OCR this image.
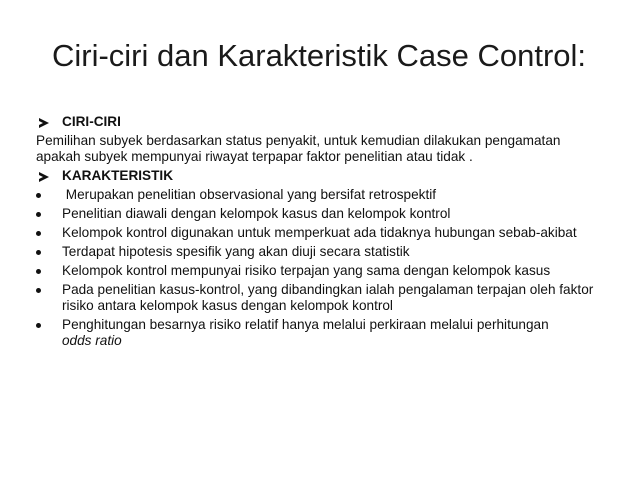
Ciri-ciri dan Karakteristik Case Control:
CIRI-CIRI
Pemilihan subyek berdasarkan status penyakit, untuk kemudian dilakukan pengamatan apakah subyek mempunyai riwayat terpapar faktor penelitian atau tidak .
KARAKTERISTIK
Merupakan penelitian observasional yang bersifat retrospektif
Penelitian diawali dengan kelompok kasus dan kelompok kontrol
Kelompok kontrol digunakan untuk memperkuat ada tidaknya hubungan sebab-akibat
Terdapat hipotesis spesifik yang akan diuji secara statistik
Kelompok kontrol mempunyai risiko terpajan yang sama dengan kelompok kasus
Pada penelitian kasus-kontrol, yang dibandingkan ialah pengalaman terpajan oleh faktor risiko antara kelompok kasus dengan kelompok kontrol
Penghitungan besarnya risiko relatif hanya melalui perkiraan melalui perhitungan
odds ratio
